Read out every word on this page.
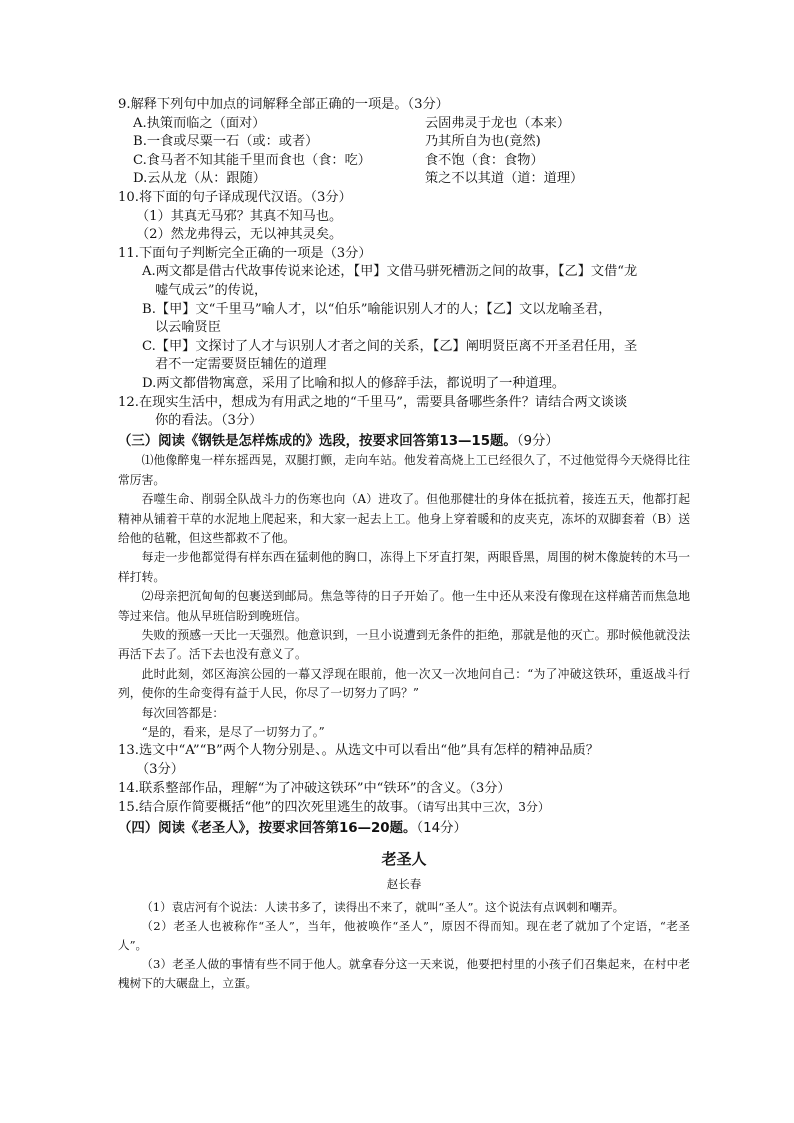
9.解释下列句中加点的词解释全部正确的一项是。（3分）
A.执策而临之（面对）	云固弗灵于龙也（本来）
B.一食或尽粟一石（或：或者）	乃其所自为也(竟然)
C.食马者不知其能千里而食也（食：吃）	食不饱（食：食物）
D.云从龙（从：跟随）	策之不以其道（道：道理）
10.将下面的句子译成现代汉语。（3分）
（1）其真无马邪？其真不知马也。
（2）然龙弗得云，无以神其灵矣。
11.下面句子判断完全正确的一项是（3分）
A.两文都是借古代故事传说来论述，【甲】文借马骈死槽沥之间的故事，【乙】文借“龙
嘘气成云”的传说，
B.【甲】文“千里马”喻人才，以“伯乐”喻能识别人才的人；【乙】文以龙喻圣君，
以云喻贤臣
C.【甲】文探讨了人才与识别人才者之间的关系，【乙】阐明贤臣离不开圣君任用，圣
君不一定需要贤臣辅佐的道理
D.两文都借物寓意，采用了比喻和拟人的修辞手法，都说明了一种道理。
12.在现实生活中，想成为有用武之地的“千里马”，需要具备哪些条件？请结合两文谈谈
你的看法。（3分）
（三）阅读《钢铁是怎样炼成的》选段，按要求回答第13—15题。（9分）

⑴他像醉鬼一样东摇西晃，双腿打颤，走向车站。他发着高烧上工已经很久了，不过他觉得今天烧得比往常厉害。

吞噬生命、削弱全队战斗力的伤寒也向（A）进攻了。但他那健壮的身体在抵抗着，接连五天，他都打起精神从铺着干草的水泥地上爬起来，和大家一起去上工。他身上穿着暖和的皮夹克，冻坏的双脚套着（B）送给他的毡靴，但这些都救不了他。

每走一步他都觉得有样东西在猛刺他的胸口，冻得上下牙直打架，两眼昏黑，周围的树木像旋转的木马一样打转。

⑵母亲把沉甸甸的包裹送到邮局。焦急等待的日子开始了。他一生中还从来没有像现在这样痛苦而焦急地等过来信。他从早班信盼到晚班信。

失败的预感一天比一天强烈。他意识到，一旦小说遭到无条件的拒绝，那就是他的灭亡。那时候他就没法再活下去了。活下去也没有意义了。

此时此刻，郊区海滨公园的一幕又浮现在眼前，他一次又一次地问自己：“为了冲破这铁环，重返战斗行列，使你的生命变得有益于人民，你尽了一切努力了吗？”

每次回答都是：

“是的，看来，是尽了一切努力了。”

13.选文中“A”“B”两个人物分别是、。从选文中可以看出“他”具有怎样的精神品质？
（3分）
14.联系整部作品，理解“为了冲破这铁环”中“铁环”的含义。（3分）
15.结合原作简要概括“他”的四次死里逃生的故事。（请写出其中三次，3分）
（四）阅读《老圣人》，按要求回答第16—20题。（14分）
老圣人
赵长春

（1）袁店河有个说法：人读书多了，读得出不来了，就叫“圣人”。这个说法有点讽刺和嘲弄。

（2）老圣人也被称作“圣人”，当年，他被唤作“圣人”，原因不得而知。现在老了就加了个定语，“老圣人”。

（3）老圣人做的事情有些不同于他人。就拿春分这一天来说，他要把村里的小孩子们召集起来，在村中老槐树下的大碾盘上，立蛋。
